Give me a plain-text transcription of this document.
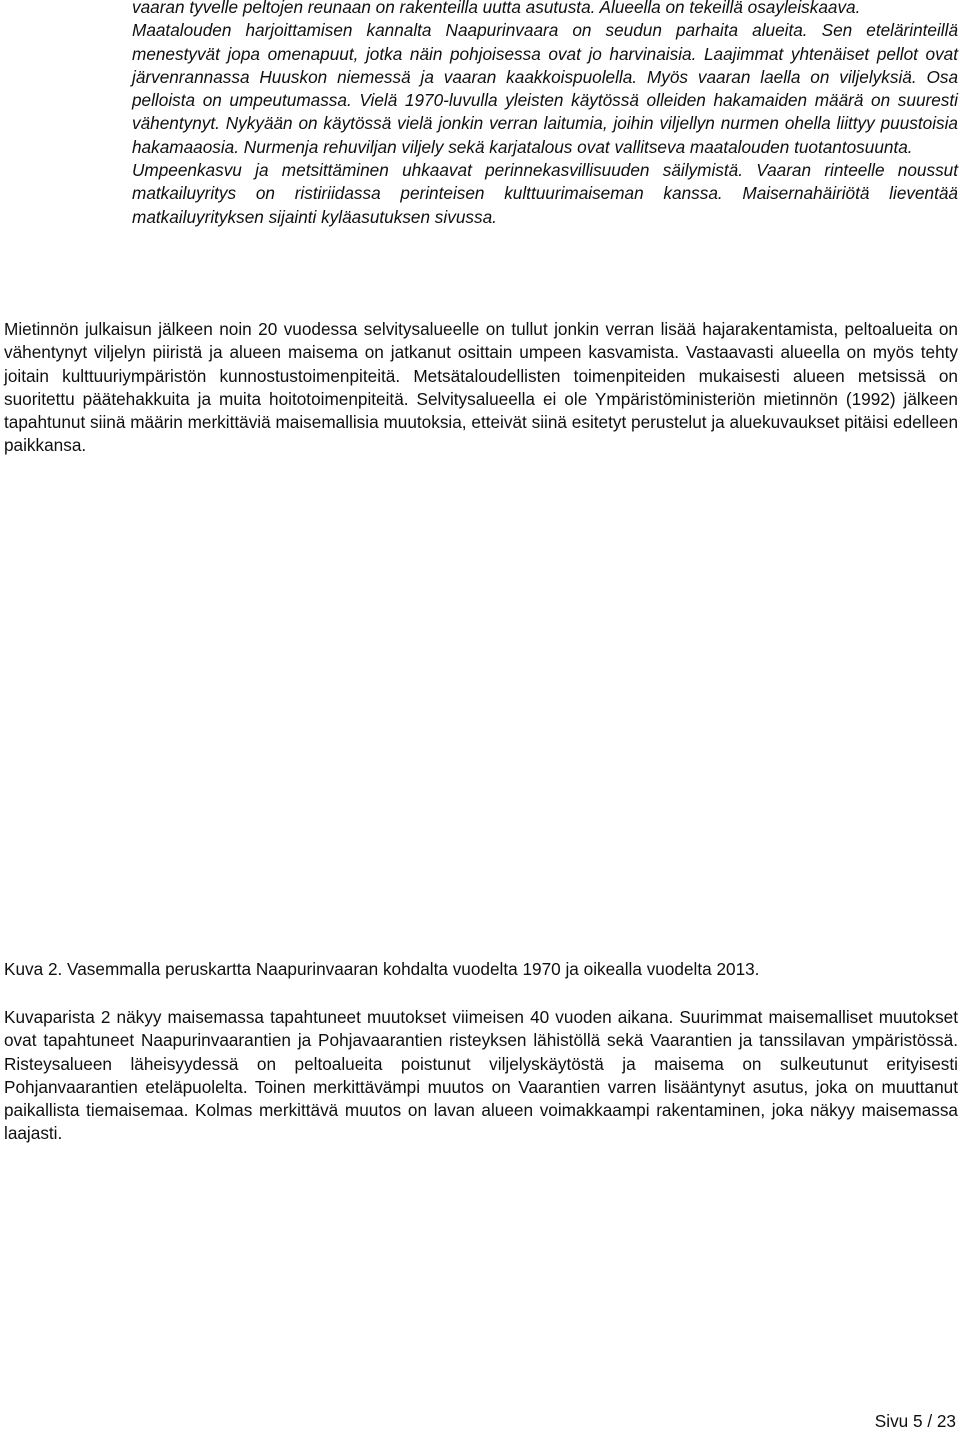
vaaran tyvelle peltojen reunaan on rakenteilla uutta asutusta. Alueella on tekeillä osayleiskaava.

Maatalouden harjoittamisen kannalta Naapurinvaara on seudun parhaita alueita. Sen etelärinteillä menestyvät jopa omenapuut, jotka näin pohjoisessa ovat jo harvinaisia. Laajimmat yhtenäiset pellot ovat järvenrannassa Huuskon niemessä ja vaaran kaakkoispuolella. Myös vaaran laella on viljelyksiä. Osa pelloista on umpeutumassa. Vielä 1970-luvulla yleisten käytössä olleiden hakamaiden määrä on suuresti vähentynyt. Nykyään on käytössä vielä jonkin verran laitumia, joihin viljellyn nurmen ohella liittyy puustoisia hakamaaosia. Nurmenja rehuviljan viljely sekä karjatalous ovat vallitseva maatalouden tuotantosuunta.

Umpeenkasvu ja metsittäminen uhkaavat perinnekasvillisuuden säilymistä. Vaaran rinteelle noussut matkailuyritys on ristiriidassa perinteisen kulttuurimaiseman kanssa. Maisernahäiriötä lieventää matkailuyrityksen sijainti kyläasutuksen sivussa.

Mietinnön julkaisun jälkeen noin 20 vuodessa selvitysalueelle on tullut jonkin verran lisää hajarakentamista, peltoalueita on vähentynyt viljelyn piiristä ja alueen maisema on jatkanut osittain umpeen kasvamista. Vastaavasti alueella on myös tehty joitain kulttuuriympäristön kunnostustoimenpiteitä. Metsätaloudellisten toimenpiteiden mukaisesti alueen metsissä on suoritettu päätehakkuita ja muita hoitotoimenpiteitä. Selvitysalueella ei ole Ympäristöministeriön mietinnön (1992) jälkeen tapahtunut siinä määrin merkittäviä maisemallisia muutoksia, etteivät siinä esitetyt perustelut ja aluekuvaukset pitäisi edelleen paikkansa.

Kuva 2. Vasemmalla peruskartta Naapurinvaaran kohdalta vuodelta 1970 ja oikealla vuodelta 2013.

Kuvaparista 2 näkyy maisemassa tapahtuneet muutokset viimeisen 40 vuoden aikana. Suurimmat maisemalliset muutokset ovat tapahtuneet Naapurinvaarantien ja Pohjavaarantien risteyksen lähistöllä sekä Vaarantien ja tanssilavan ympäristössä. Risteysalueen läheisyydessä on peltoalueita poistunut viljelyskäytöstä ja maisema on sulkeutunut erityisesti Pohjanvaarantien eteläpuolelta. Toinen merkittävämpi muutos on Vaarantien varren lisääntynyt asutus, joka on muuttanut paikallista tiemaisemaa. Kolmas merkittävä muutos on lavan alueen voimakkaampi rakentaminen, joka näkyy maisemassa laajasti.

Sivu 5 / 23
